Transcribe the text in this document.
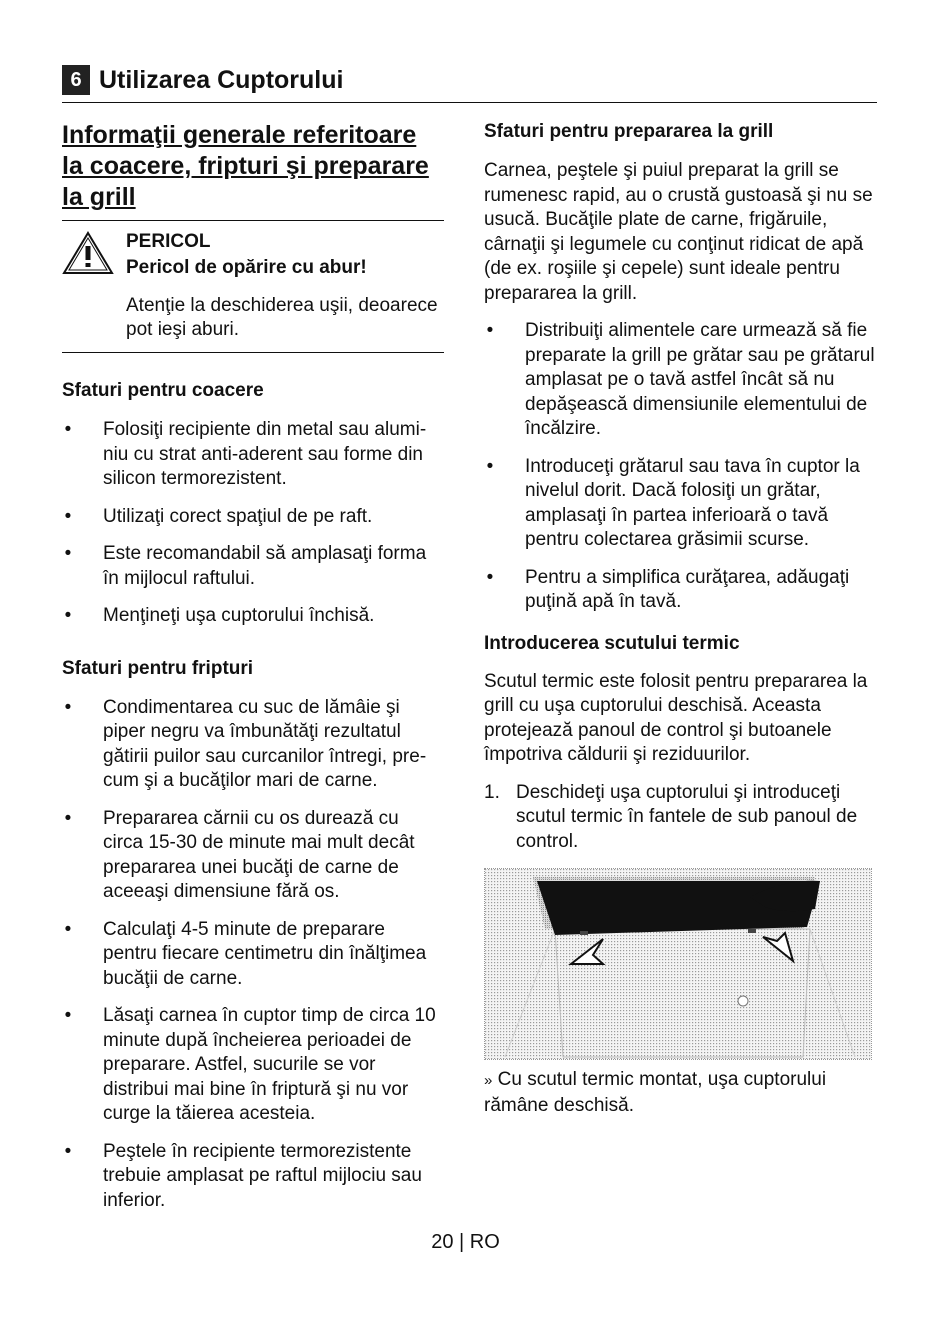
6 Utilizarea Cuptorului
Informaţii generale referitoare la coacere, fripturi şi preparare la grill
PERICOL
Pericol de opărire cu abur!
Atenţie la deschiderea uşii, deoarece pot ieşi aburi.
Sfaturi pentru coacere
• Folosiţi recipiente din metal sau aluminiu cu strat anti-aderent sau forme din silicon termorezistent.
• Utilizaţi corect spaţiul de pe raft.
• Este recomandabil să amplasaţi forma în mijlocul raftului.
• Menţineţi uşa cuptorului închisă.
Sfaturi pentru fripturi
• Condimentarea cu suc de lămâie şi piper negru va îmbunătăţi rezultatul gătirii puilor sau curcanilor întregi, precum şi a bucăţilor mari de carne.
• Prepararea cărnii cu os durează cu circa 15-30 de minute mai mult decât prepararea unei bucăţi de carne de aceeaşi dimensiune fără os.
• Calculaţi 4-5 minute de preparare pentru fiecare centimetru din înălţimea bucăţii de carne.
• Lăsaţi carnea în cuptor timp de circa 10 minute după încheierea perioadei de preparare. Astfel, sucurile se vor distribui mai bine în friptură şi nu vor curge la tăierea acesteia.
• Peştele în recipiente termorezistente trebuie amplasat pe raftul mijlociu sau inferior.
Sfaturi pentru prepararea la grill

Carnea, peştele şi puiul preparat la grill se rumenesc rapid, au o crustă gustoasă şi nu se usucă. Bucăţile plate de carne, frigăruile, cârnaţii şi legumele cu conţinut ridicat de apă (de ex. roşiile şi cepele) sunt ideale pentru prepararea la grill.

• Distribuiţi alimentele care urmează să fie preparate la grill pe grătar sau pe grătarul amplasat pe o tavă astfel încât să nu depăşească dimensiunile elementului de încălzire.
• Introduceţi grătarul sau tava în cuptor la nivelul dorit. Dacă folosiţi un grătar, amplasaţi în partea inferioară o tavă pentru colectarea grăsimii scurse.
• Pentru a simplifica curăţarea, adăugaţi puţină apă în tavă.
Introducerea scutului termic

Scutul termic este folosit pentru prepararea la grill cu uşa cuptorului deschisă. Aceasta protejează panoul de control şi butoanele împotriva căldurii şi reziduurilor.

1. Deschideţi uşa cuptorului şi introduceţi scutul termic în fantele de sub panoul de control.
» Cu scutul termic montat, uşa cuptorului rămâne deschisă.
20 | RO
